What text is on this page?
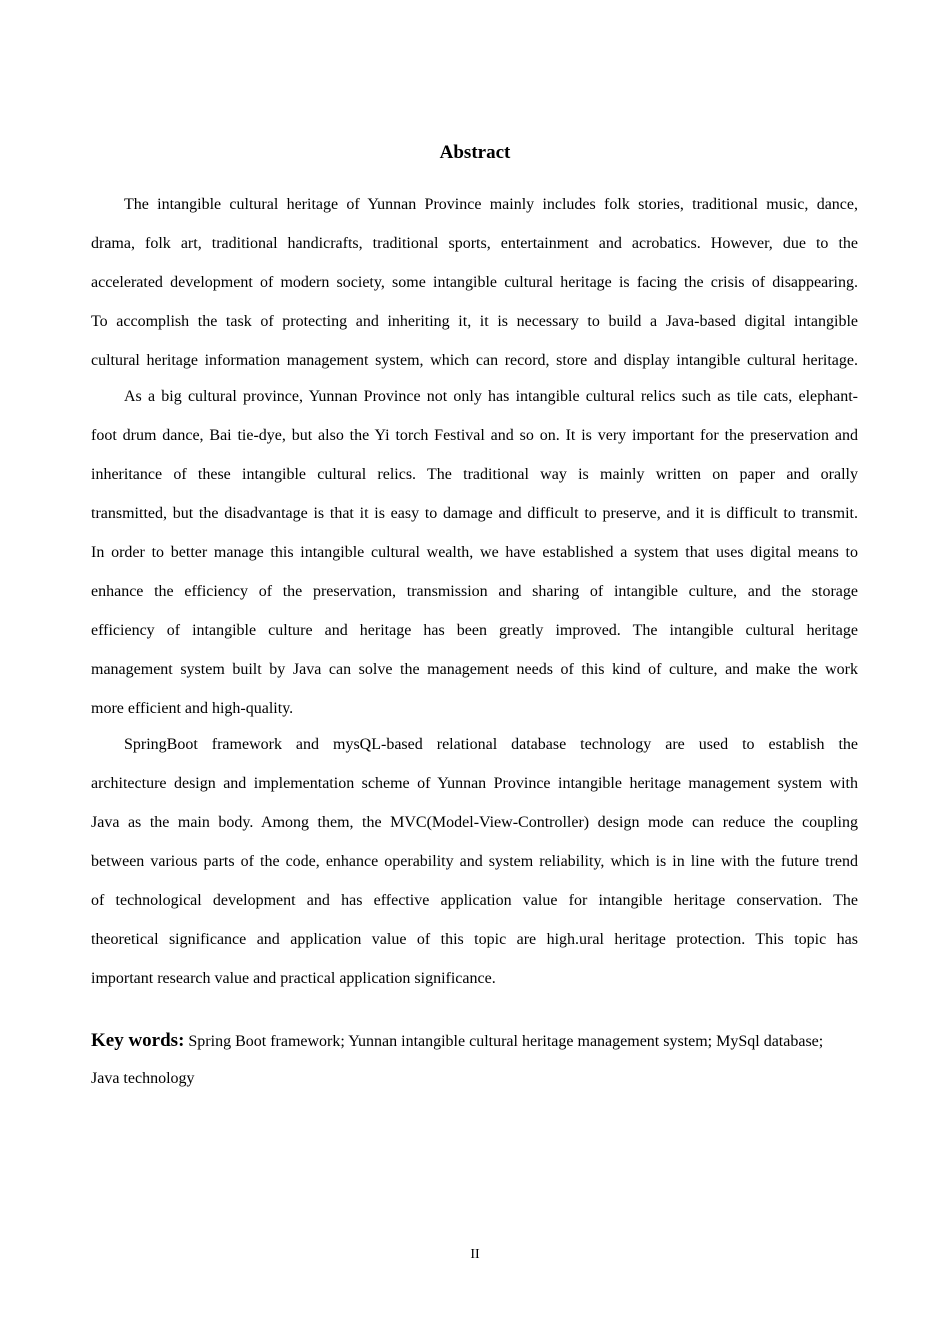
Abstract
The intangible cultural heritage of Yunnan Province mainly includes folk stories, traditional music, dance,
drama, folk art, traditional handicrafts, traditional sports, entertainment and acrobatics. However, due to the
accelerated development of modern society, some intangible cultural heritage is facing the crisis of disappearing.
To accomplish the task of protecting and inheriting it, it is necessary to build a Java-based digital intangible
cultural heritage information management system, which can record, store and display intangible cultural heritage.
As a big cultural province, Yunnan Province not only has intangible cultural relics such as tile cats, elephant-
foot drum dance, Bai tie-dye, but also the Yi torch Festival and so on. It is very important for the preservation and
inheritance of these intangible cultural relics. The traditional way is mainly written on paper and orally
transmitted, but the disadvantage is that it is easy to damage and difficult to preserve, and it is difficult to transmit.
In order to better manage this intangible cultural wealth, we have established a system that uses digital means to
enhance the efficiency of the preservation, transmission and sharing of intangible culture, and the storage
efficiency of intangible culture and heritage has been greatly improved. The intangible cultural heritage
management system built by Java can solve the management needs of this kind of culture, and make the work
more efficient and high-quality.
SpringBoot framework and mysQL-based relational database technology are used to establish the
architecture design and implementation scheme of Yunnan Province intangible heritage management system with
Java as the main body. Among them, the MVC(Model-View-Controller) design mode can reduce the coupling
between various parts of the code, enhance operability and system reliability, which is in line with the future trend
of technological development and has effective application value for intangible heritage conservation. The
theoretical significance and application value of this topic are high.ural heritage protection. This topic has
important research value and practical application significance.
Key words: Spring Boot framework; Yunnan intangible cultural heritage management system; MySql database;
Java technology
II
